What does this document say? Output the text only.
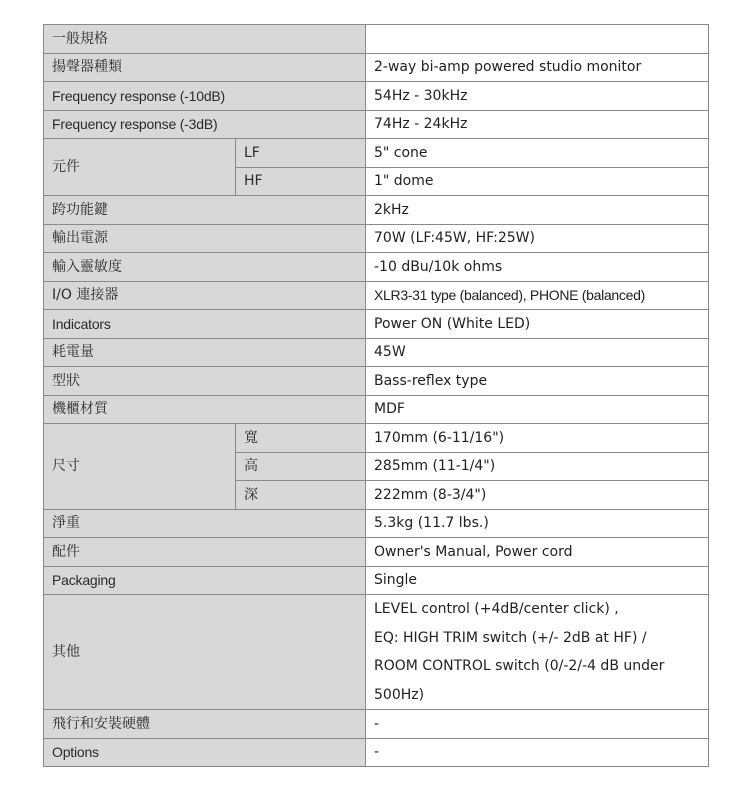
一般規格		
揚聲器種類		2-way bi-amp powered studio monitor
Frequency response (-10dB)		54Hz - 30kHz
Frequency response (-3dB)		74Hz - 24kHz
元件	LF	5" cone
	HF	1" dome
跨功能鍵		2kHz
輸出電源		70W (LF:45W, HF:25W)
輸入靈敏度		-10 dBu/10k ohms
I/O 連接器		XLR3-31 type (balanced), PHONE (balanced)
Indicators		Power ON (White LED)
耗電量		45W
型狀		Bass-reflex type
機櫃材質		MDF
尺寸	寬	170mm (6-11/16")
	高	285mm (11-1/4")
	深	222mm (8-3/4")
淨重		5.3kg (11.7 lbs.)
配件		Owner's Manual, Power cord
Packaging		Single
其他		LEVEL control (+4dB/center click) ,
EQ: HIGH TRIM switch (+/- 2dB at HF) /
ROOM CONTROL switch (0/-2/-4 dB under
500Hz)

飛行和安裝硬體		-
Options		-
